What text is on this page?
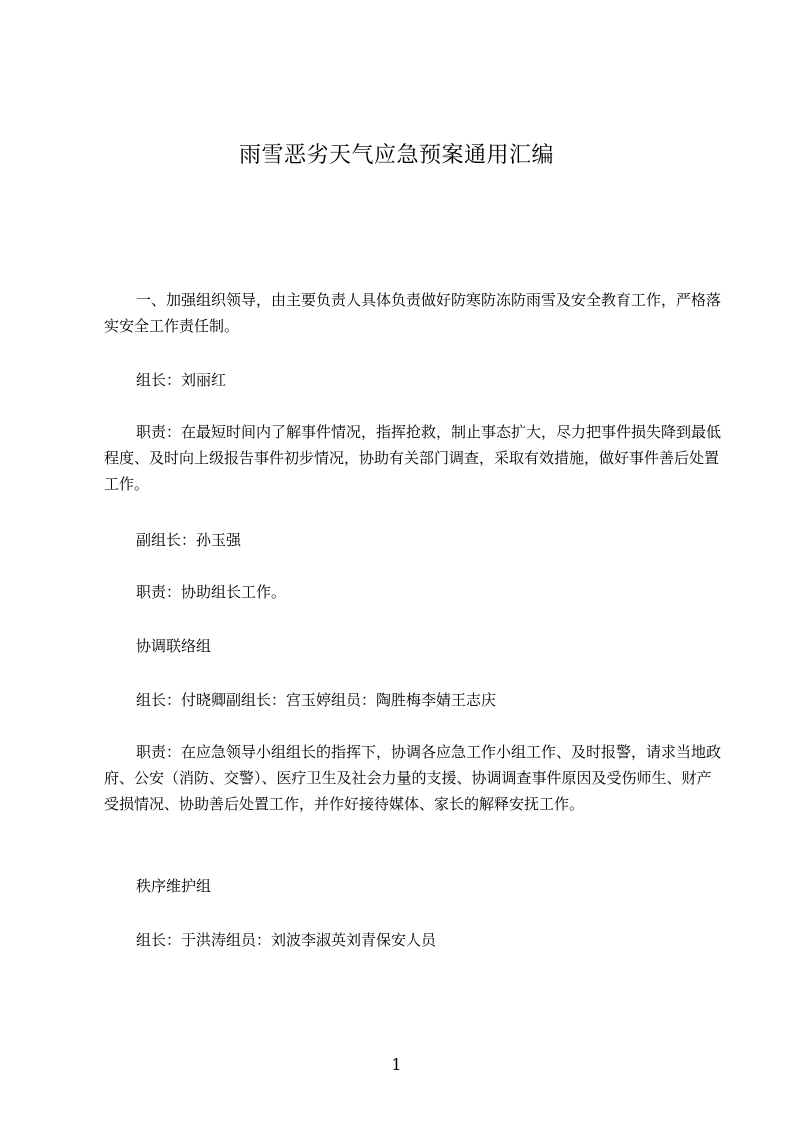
雨雪恶劣天气应急预案通用汇编

一、加强组织领导，由主要负责人具体负责做好防寒防冻防雨雪及安全教育工作，严格落实安全工作责任制。

组长：刘丽红

职责：在最短时间内了解事件情况，指挥抢救，制止事态扩大，尽力把事件损失降到最低程度、及时向上级报告事件初步情况，协助有关部门调查，采取有效措施，做好事件善后处置工作。

副组长：孙玉强

职责：协助组长工作。

协调联络组

组长：付晓卿副组长：宫玉婷组员：陶胜梅李婧王志庆

职责：在应急领导小组组长的指挥下，协调各应急工作小组工作、及时报警，请求当地政府、公安（消防、交警）、医疗卫生及社会力量的支援、协调调查事件原因及受伤师生、财产受损情况、协助善后处置工作，并作好接待媒体、家长的解释安抚工作。

秩序维护组

组长：于洪涛组员：刘波李淑英刘青保安人员

1
